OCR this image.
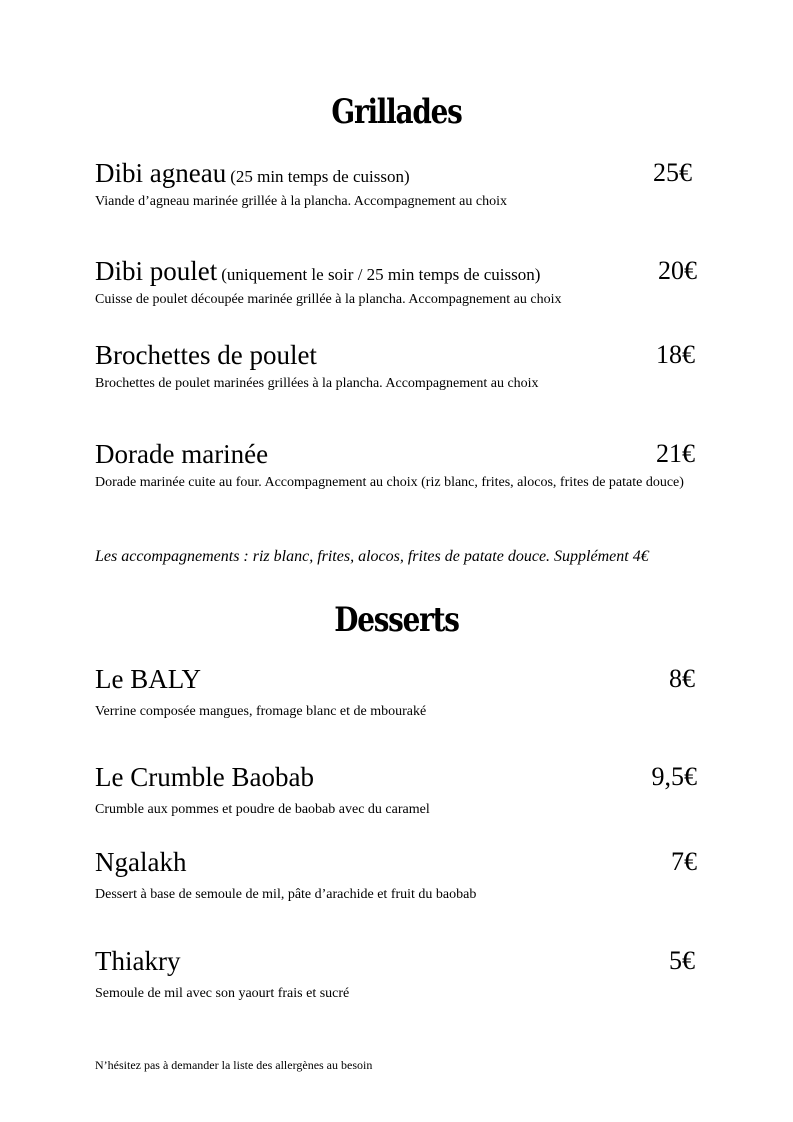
Grillades
Dibi agneau (25 min temps de cuisson)	25€
Viande d’agneau marinée grillée à la plancha. Accompagnement au choix
Dibi poulet (uniquement le soir / 25 min temps de cuisson)	20€
Cuisse de poulet découpée marinée grillée à la plancha. Accompagnement au choix
Brochettes de poulet	18€
Brochettes de poulet marinées grillées à la plancha. Accompagnement au choix
Dorade marinée	21€
Dorade marinée cuite au four. Accompagnement au choix (riz blanc, frites, alocos, frites de patate douce)
Les accompagnements : riz blanc, frites, alocos, frites de patate douce. Supplément 4€
Desserts
Le BALY	8€
Verrine composée mangues, fromage blanc et de mbouraké
Le Crumble Baobab	9,5€
Crumble aux pommes et poudre de baobab avec du caramel
Ngalakh	7€
Dessert à base de semoule de mil, pâte d’arachide et fruit du baobab
Thiakry	5€
Semoule de mil avec son yaourt frais et sucré
N’hésitez pas à demander la liste des allergènes au besoin
